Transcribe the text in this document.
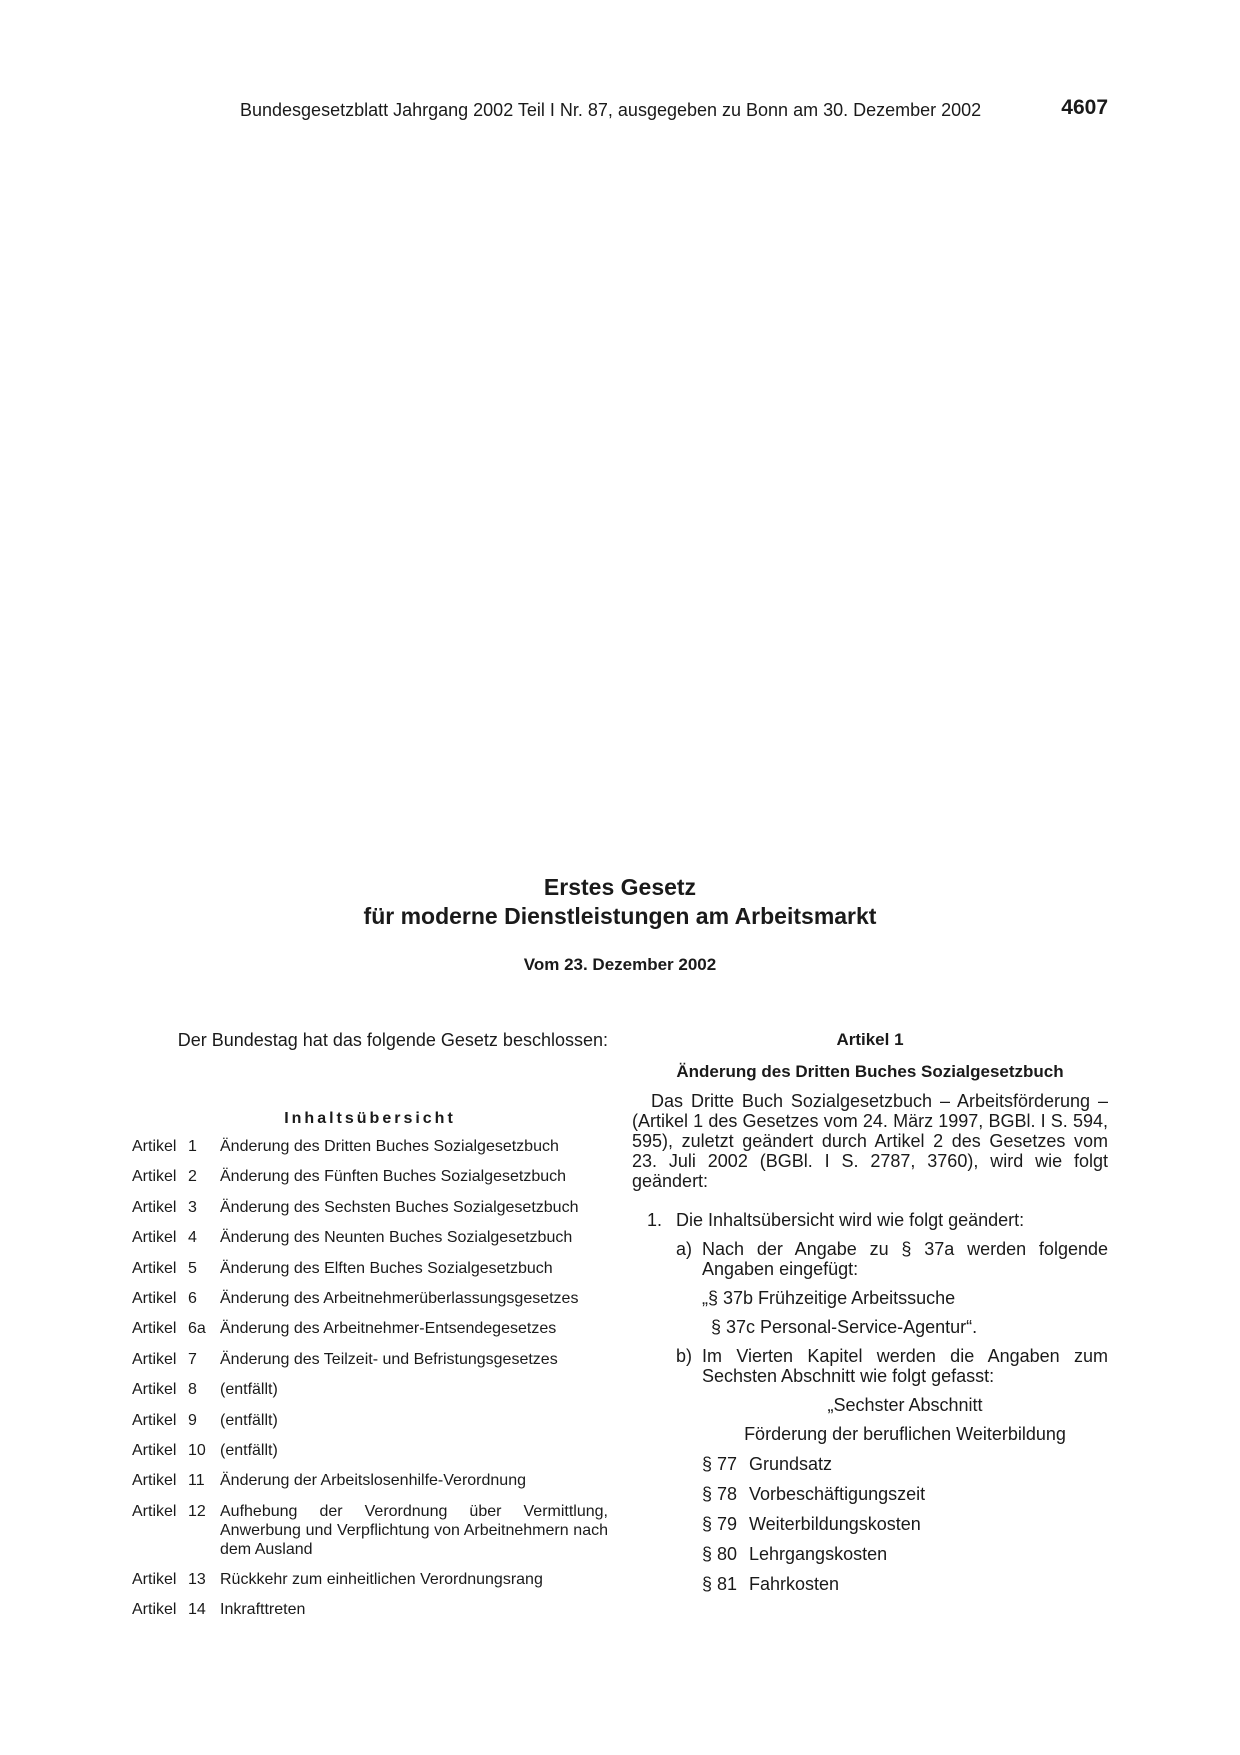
Bundesgesetzblatt Jahrgang 2002 Teil I Nr. 87, ausgegeben zu Bonn am 30. Dezember 2002	4607
Erstes Gesetz
für moderne Dienstleistungen am Arbeitsmarkt
Vom 23. Dezember 2002
Der Bundestag hat das folgende Gesetz beschlossen:
Inhaltsübersicht
Artikel 1	Änderung des Dritten Buches Sozialgesetzbuch
Artikel 2	Änderung des Fünften Buches Sozialgesetzbuch
Artikel 3	Änderung des Sechsten Buches Sozialgesetzbuch
Artikel 4	Änderung des Neunten Buches Sozialgesetzbuch
Artikel 5	Änderung des Elften Buches Sozialgesetzbuch
Artikel 6	Änderung des Arbeitnehmerüberlassungsgesetzes
Artikel 6a Änderung des Arbeitnehmer-Entsendegesetzes
Artikel 7	Änderung des Teilzeit- und Befristungsgesetzes
Artikel 8	(entfällt)
Artikel 9	(entfällt)
Artikel 10 (entfällt)
Artikel 11 Änderung der Arbeitslosenhilfe-Verordnung
Artikel 12 Aufhebung der Verordnung über Vermittlung, Anwerbung und Verpflichtung von Arbeitnehmern nach dem Ausland
Artikel 13 Rückkehr zum einheitlichen Verordnungsrang
Artikel 14 Inkrafttreten
Artikel 1
Änderung des Dritten Buches Sozialgesetzbuch
Das Dritte Buch Sozialgesetzbuch – Arbeitsförderung – (Artikel 1 des Gesetzes vom 24. März 1997, BGBl. I S. 594, 595), zuletzt geändert durch Artikel 2 des Gesetzes vom 23. Juli 2002 (BGBl. I S. 2787, 3760), wird wie folgt geändert:
1. Die Inhaltsübersicht wird wie folgt geändert:
a) Nach der Angabe zu § 37a werden folgende Angaben eingefügt:
„§ 37b Frühzeitige Arbeitssuche
§ 37c Personal-Service-Agentur“.
b) Im Vierten Kapitel werden die Angaben zum Sechsten Abschnitt wie folgt gefasst:
„Sechster Abschnitt
Förderung der beruflichen Weiterbildung
§ 77 Grundsatz
§ 78 Vorbeschäftigungszeit
§ 79 Weiterbildungskosten
§ 80 Lehrgangskosten
§ 81 Fahrkosten
